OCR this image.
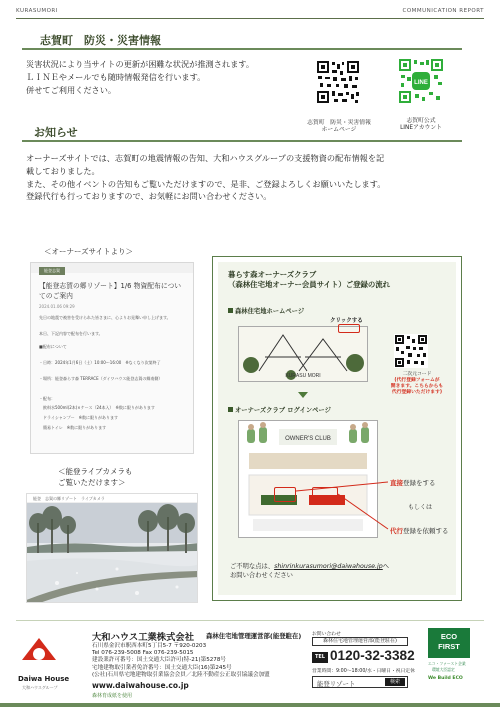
KURASUMORI	COMMUNICATION REPORT
志賀町　防災・災害情報
災害状況により当サイトの更新が困難な状況が推測されます。
ＬＩＮＥやメールでも随時情報発信を行います。
併せてご利用ください。
志賀町　防災・災害情報
ホームページ
LINE
志賀町公式
LINEアカウント
お知らせ
オーナーズサイトでは、志賀町の地震情報の告知、大和ハウスグループの支援物資の配布情報を記
載しておりました。
また、その他イベントの告知もご覧いただけますので、是非、ご登録よろしくお願いいたします。
登録代行も行っておりますので、お気軽にお問い合わせください。
＜オーナーズサイトより＞
能登志賀
【能登志賀の郷リゾート】1/6 物資配布についてのご案内
2024.01.06 09:29
先日の地震で被害を受けられた皆さまに、心よりお見舞い申し上げます。
本日、下記内容で配布を行います。
■配布について
・日時：2024年1月6日（土）10:00～16:00　※なくなり次第終了
・場所：能登森らす森 TERRACE（ダイワハウス能登志賀の郷南側）
・配布：
　飲料水500ml(2本)×ケース（24本入）　※数に限りがあります
　ドライシャンプー　※数に限りがあります
　簡易トイレ　※数に限りがあります
＜能登ライブカメラも
ご覧いただけます＞
能登　志賀の郷リゾート　ライブカメラ
暮らす森オーナーズクラブ
（森林住宅地オーナー会員サイト）ご登録の流れ
森林住宅地ホームページ
クリックする
KURASU MORI	二次元コード
(代行登録フォームが
開きます。こちらからも
代行登録いただけます)
オーナーズクラブ ログインページ
OWNER'S CLUB
直接登録をする
もしくは
代行登録を依頼する
ご不明な点は、shinrinkurasumori@daiwahouse.jpへ
お問い合わせください
Daiwa House
大和ハウスグループ
大和ハウス工業株式会社 森林住宅地管理運営部(能登駐在)
石川県金沢市駅西本町5丁目5-7 〒920-0203
Tel 076-239-5008 Fax 076-239-5015
建設業許可番号：国土交通大臣許可(特-21)第5278号
宅地建物取引業者免許番号：国土交通大臣(16)第245号
(公社)石川県宅地建物取引業協会会員／北陸不動産公正取引協議会加盟
www.daiwahouse.co.jp
森林育成紙を使用
お問い合わせ
森林住宅地管理運営部(能登駐在)
TEL 0120-32-3382
営業時間：9:00～18:00/水・日曜日・祝日定休
能登リゾート	検索
ECO
FIRST
エコ・ファースト企業
環境大臣認定
We Build ECO
